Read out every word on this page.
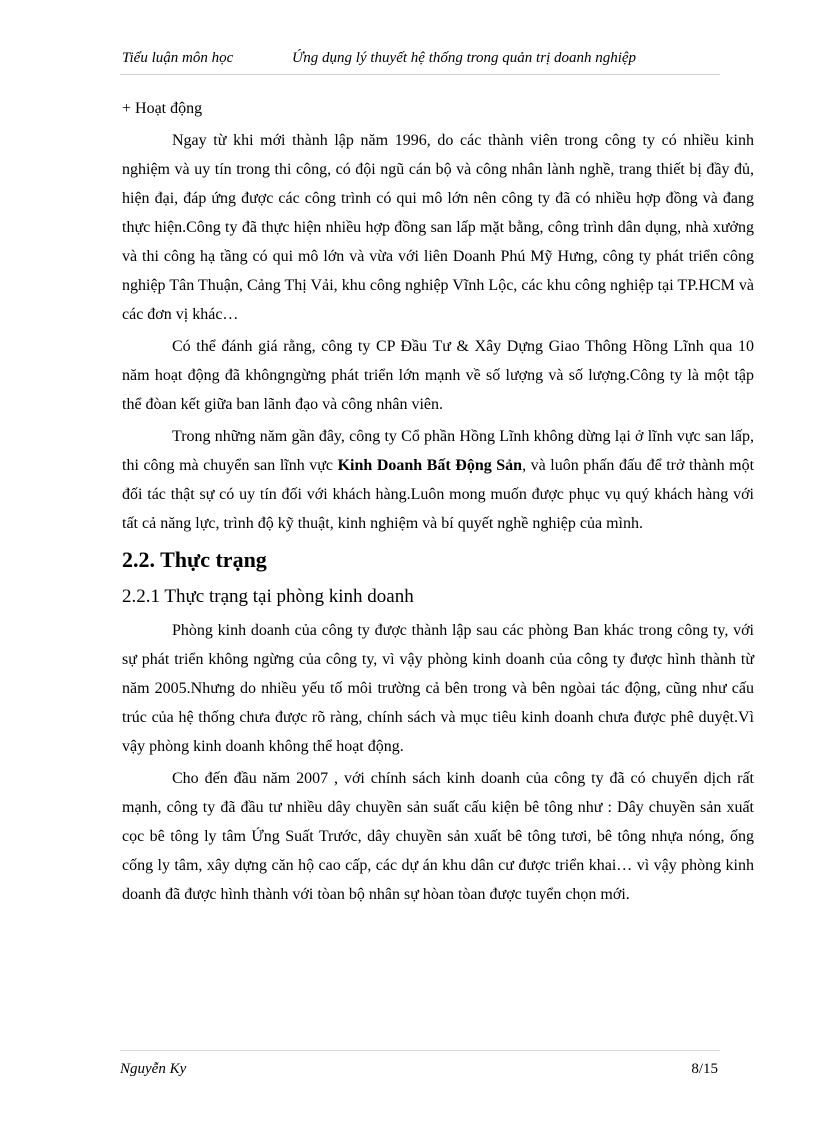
Tiểu luận môn học	Ứng dụng lý thuyết hệ thống trong quản trị doanh nghiệp

+ Hoạt động

Ngay từ khi mới thành lập năm 1996, do các thành viên trong công ty có nhiều kinh nghiệm và uy tín trong thi công, có đội ngũ cán bộ và công nhân lành nghề, trang thiết bị đầy đủ, hiện đại, đáp ứng được các công trình có qui mô lớn nên công ty đã có nhiều hợp đồng và đang thực hiện.Công ty đã thực hiện nhiều hợp đồng san lấp mặt bằng, công trình dân dụng, nhà xưởng và thi công hạ tầng có qui mô lớn và vừa với liên Doanh Phú Mỹ Hưng, công ty phát triển công nghiệp Tân Thuận, Cảng Thị Vải, khu công nghiệp Vĩnh Lộc, các khu công nghiệp tại TP.HCM và các đơn vị khác…

Có thể đánh giá rằng, công ty CP Đầu Tư & Xây Dựng Giao Thông Hồng Lĩnh qua 10 năm hoạt động đã khôngngừng phát triển lớn mạnh về số lượng và số lượng.Công ty là một tập thể đòan kết giữa ban lãnh đạo và công nhân viên.

Trong những năm gần đây, công ty Cổ phần Hồng Lĩnh không dừng lại ở lĩnh vực san lấp, thi công mà chuyển san lĩnh vực Kinh Doanh Bất Động Sản, và luôn phấn đấu để trở thành một đối tác thật sự có uy tín đối với khách hàng.Luôn mong muốn được phục vụ quý khách hàng với tất cả năng lực, trình độ kỹ thuật, kinh nghiệm và bí quyết nghề nghiệp của mình.

2.2. Thực trạng
2.2.1 Thực trạng tại phòng kinh doanh

Phòng kinh doanh của công ty được thành lập sau các phòng Ban khác trong công ty, với sự phát triển không ngừng của công ty, vì vậy phòng kinh doanh của công ty được hình thành từ năm 2005.Nhưng do nhiều yếu tố môi trường cả bên trong và bên ngòai tác động, cũng như cấu trúc của hệ thống chưa được rõ ràng, chính sách và mục tiêu kinh doanh chưa được phê duyệt.Vì vậy phòng kinh doanh không thể hoạt động.

Cho đến đầu năm 2007 , với chính sách kinh doanh của công ty đã có chuyển dịch rất mạnh, công ty đã đầu tư nhiều dây chuyền sản suất cấu kiện bê tông như : Dây chuyền sản xuất cọc bê tông ly tâm Ứng Suất Trước, dây chuyền sản xuất bê tông tươi, bê tông nhựa nóng, ống cống ly tâm, xây dựng căn hộ cao cấp, các dự án khu dân cư được triển khai… vì vậy phòng kinh doanh đã được hình thành với tòan bộ nhân sự hòan tòan được tuyển chọn mới.

Nguyễn Ky	8/15
